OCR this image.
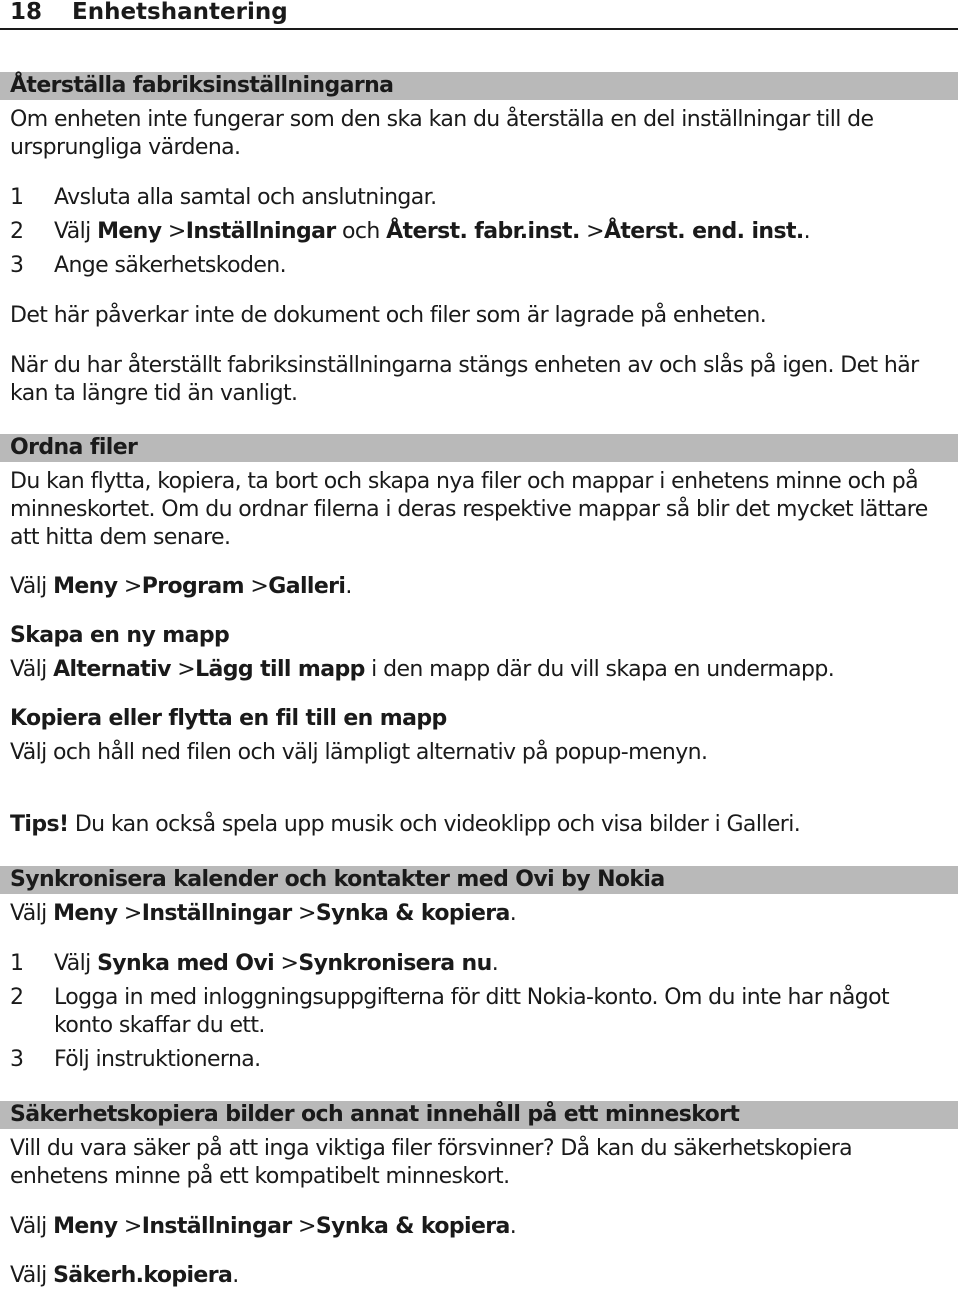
18 Enhetshantering
Återställa fabriksinställningarna
Om enheten inte fungerar som den ska kan du återställa en del inställningar till de
ursprungliga värdena.
1 Avsluta alla samtal och anslutningar.
2 Välj Meny >Inställningar och Återst. fabr.inst. >Återst. end. inst..
3 Ange säkerhetskoden.
Det här påverkar inte de dokument och filer som är lagrade på enheten.
När du har återställt fabriksinställningarna stängs enheten av och slås på igen. Det här
kan ta längre tid än vanligt.
Ordna filer
Du kan flytta, kopiera, ta bort och skapa nya filer och mappar i enhetens minne och på
minneskortet. Om du ordnar filerna i deras respektive mappar så blir det mycket lättare
att hitta dem senare.
Välj Meny >Program >Galleri.
Skapa en ny mapp
Välj Alternativ >Lägg till mapp i den mapp där du vill skapa en undermapp.
Kopiera eller flytta en fil till en mapp
Välj och håll ned filen och välj lämpligt alternativ på popup-menyn.
Tips! Du kan också spela upp musik och videoklipp och visa bilder i Galleri.
Synkronisera kalender och kontakter med Ovi by Nokia
Välj Meny >Inställningar >Synka & kopiera.
1 Välj Synka med Ovi >Synkronisera nu.
2 Logga in med inloggningsuppgifterna för ditt Nokia-konto. Om du inte har något
konto skaffar du ett.
3 Följ instruktionerna.
Säkerhetskopiera bilder och annat innehåll på ett minneskort
Vill du vara säker på att inga viktiga filer försvinner? Då kan du säkerhetskopiera
enhetens minne på ett kompatibelt minneskort.
Välj Meny >Inställningar >Synka & kopiera.
Välj Säkerh.kopiera.
